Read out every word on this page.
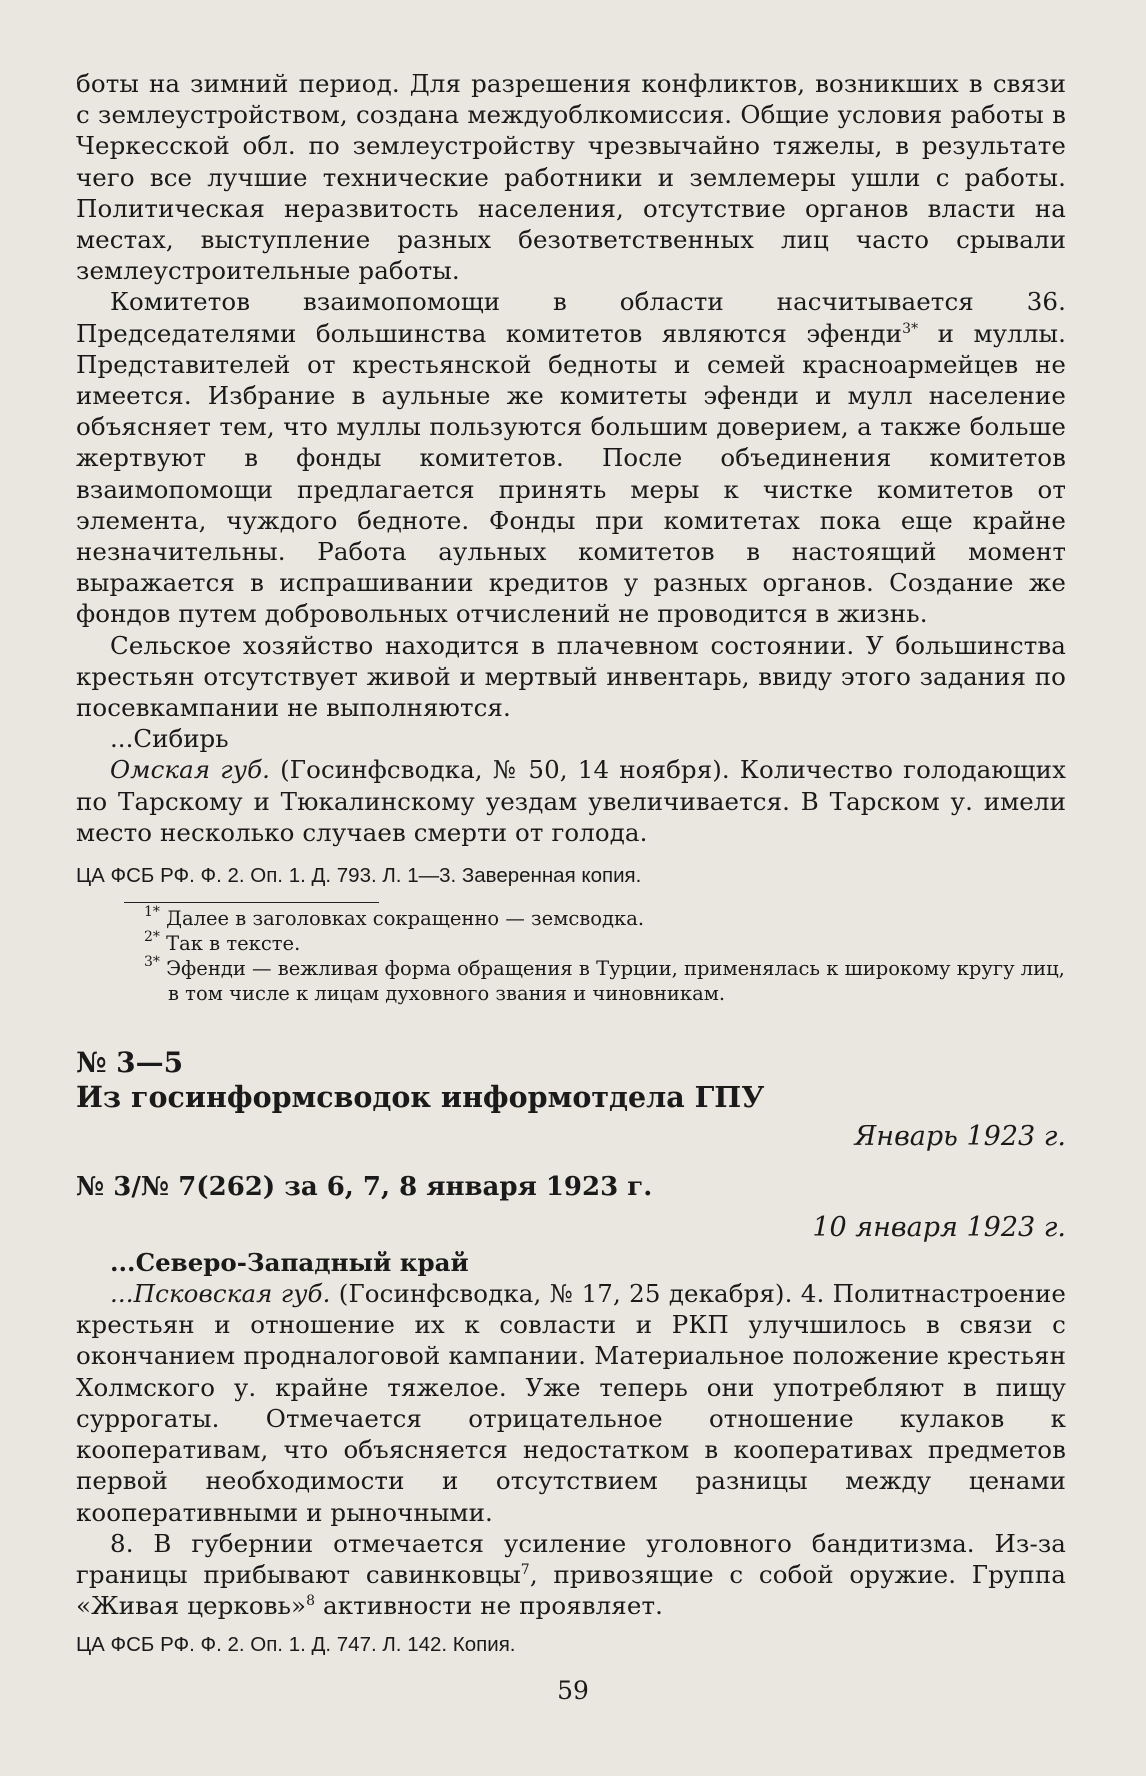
боты на зимний период. Для разрешения конфликтов, возникших в связи с землеустройством, создана междуоблкомиссия. Общие условия работы в Черкесской обл. по землеустройству чрезвычайно тяжелы, в результате чего все лучшие технические работники и землемеры ушли с работы. Политическая неразвитость населения, отсутствие органов власти на местах, выступление разных безответственных лиц часто срывали землеустроительные работы.

Комитетов взаимопомощи в области насчитывается 36. Председателями большинства комитетов являются эфенди$^{3*}$ и муллы. Представителей от крестьянской бедноты и семей красноармейцев не имеется. Избрание в аульные же комитеты эфенди и мулл население объясняет тем, что муллы пользуются большим доверием, а также больше жертвуют в фонды комитетов. После объединения комитетов взаимопомощи предлагается принять меры к чистке комитетов от элемента, чуждого бедноте. Фонды при комитетах пока еще крайне незначительны. Работа аульных комитетов в настоящий момент выражается в испрашивании кредитов у разных органов. Создание же фондов путем добровольных отчислений не проводится в жизнь.

Сельское хозяйство находится в плачевном состоянии. У большинства крестьян отсутствует живой и мертвый инвентарь, ввиду этого задания по посевкампании не выполняются.

...Сибирь

Омская губ. (Госинфсводка, № 50, 14 ноября). Количество голодающих по Тарскому и Тюкалинскому уездам увеличивается. В Тарском у. имели место несколько случаев смерти от голода.

ЦА ФСБ РФ. Ф. 2. Оп. 1. Д. 793. Л. 1—3. Заверенная копия.

$^{1*}$ Далее в заголовках сокращенно — земсводка.

$^{2*}$ Так в тексте.

$^{3*}$ Эфенди — вежливая форма обращения в Турции, применялась к широкому кругу лиц, в том числе к лицам духовного звания и чиновникам.

№ 3—5

Из госинформсводок информотдела ГПУ

Январь 1923 г.

№ 3/№ 7(262) за 6, 7, 8 января 1923 г.

10 января 1923 г.

...Северо-Западный край

...Псковская губ. (Госинфсводка, № 17, 25 декабря). 4. Политнастроение крестьян и отношение их к совласти и РКП улучшилось в связи с окончанием продналоговой кампании. Материальное положение крестьян Холмского у. крайне тяжелое. Уже теперь они употребляют в пищу суррогаты. Отмечается отрицательное отношение кулаков к кооперативам, что объясняется недостатком в кооперативах предметов первой необходимости и отсутствием разницы между ценами кооперативными и рыночными.

8. В губернии отмечается усиление уголовного бандитизма. Из-за границы прибывают савинковцы$^7$, привозящие с собой оружие. Группа «Живая церковь»$^8$ активности не проявляет.

ЦА ФСБ РФ. Ф. 2. Оп. 1. Д. 747. Л. 142. Копия.

59
